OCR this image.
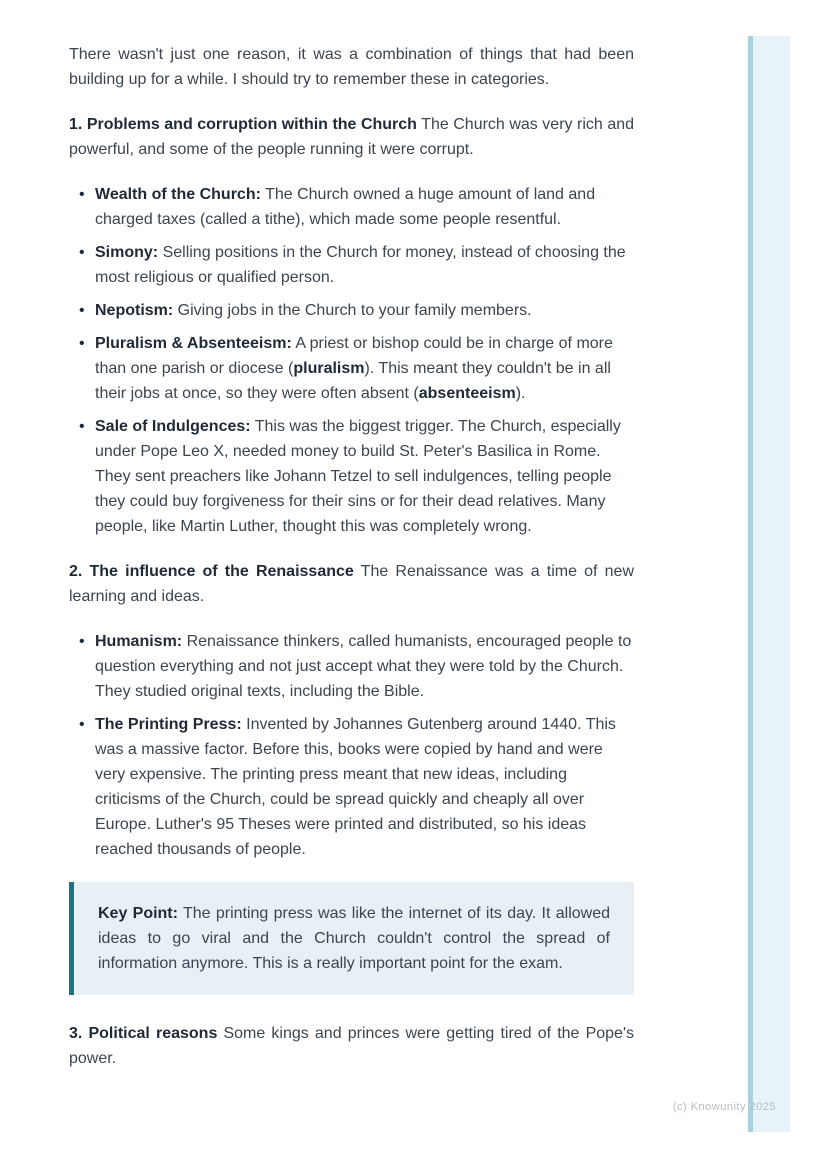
(c) Knowunity 2025

There wasn't just one reason, it was a combination of things that had been building up for a while. I should try to remember these in categories.

1. Problems and corruption within the Church The Church was very rich and powerful, and some of the people running it were corrupt.

• Wealth of the Church: The Church owned a huge amount of land and charged taxes (called a tithe), which made some people resentful.
• Simony: Selling positions in the Church for money, instead of choosing the most religious or qualified person.
• Nepotism: Giving jobs in the Church to your family members.
• Pluralism & Absenteeism: A priest or bishop could be in charge of more than one parish or diocese (pluralism). This meant they couldn't be in all their jobs at once, so they were often absent (absenteeism).
• Sale of Indulgences: This was the biggest trigger. The Church, especially under Pope Leo X, needed money to build St. Peter's Basilica in Rome. They sent preachers like Johann Tetzel to sell indulgences, telling people they could buy forgiveness for their sins or for their dead relatives. Many people, like Martin Luther, thought this was completely wrong.

2. The influence of the Renaissance The Renaissance was a time of new learning and ideas.

• Humanism: Renaissance thinkers, called humanists, encouraged people to question everything and not just accept what they were told by the Church. They studied original texts, including the Bible.
• The Printing Press: Invented by Johannes Gutenberg around 1440. This was a massive factor. Before this, books were copied by hand and were very expensive. The printing press meant that new ideas, including criticisms of the Church, could be spread quickly and cheaply all over Europe. Luther's 95 Theses were printed and distributed, so his ideas reached thousands of people.

Key Point: The printing press was like the internet of its day. It allowed ideas to go viral and the Church couldn't control the spread of information anymore. This is a really important point for the exam.

3. Political reasons Some kings and princes were getting tired of the Pope's power.
